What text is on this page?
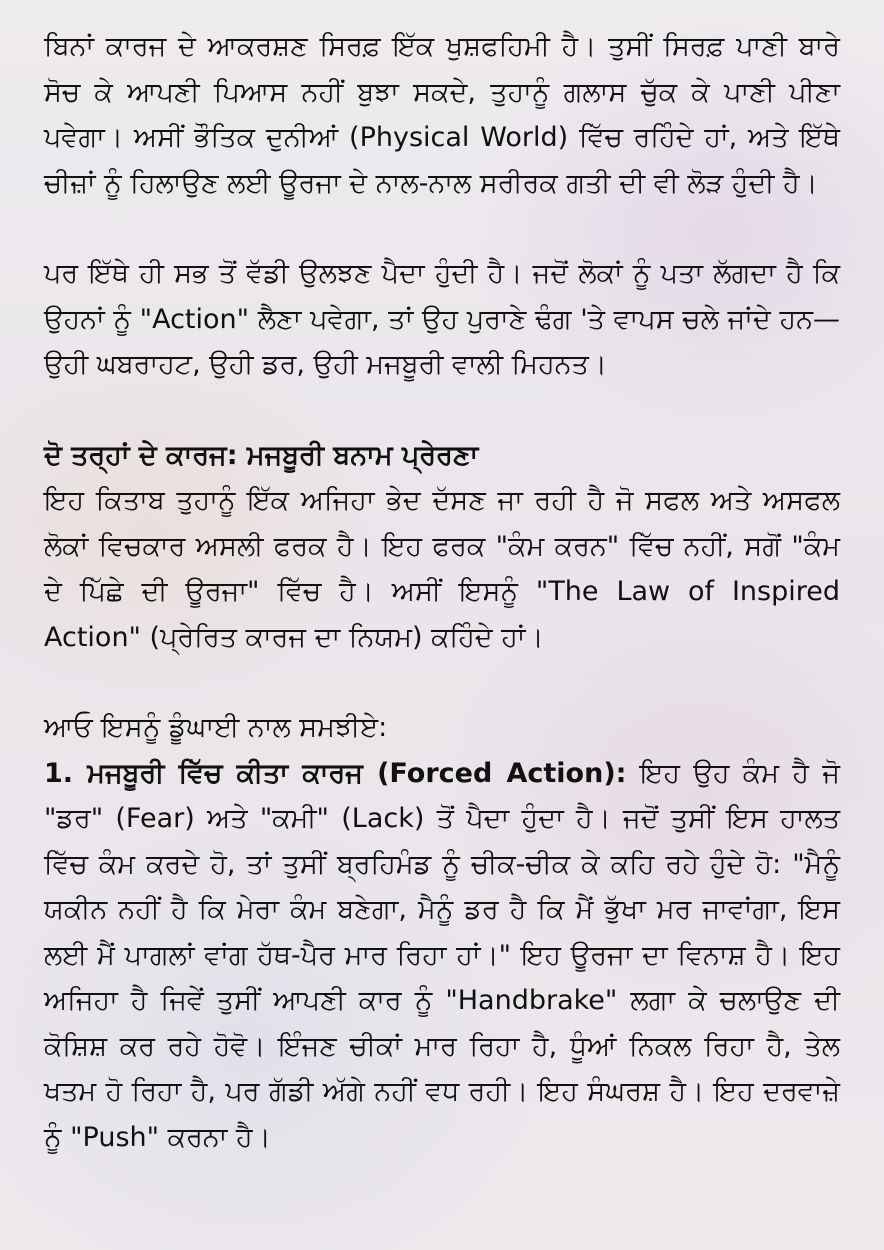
ਬਿਨਾਂ ਕਾਰਜ ਦੇ ਆਕਰਸ਼ਣ ਸਿਰਫ਼ ਇੱਕ ਖੁਸ਼ਫਹਿਮੀ ਹੈ। ਤੁਸੀਂ ਸਿਰਫ਼ ਪਾਣੀ ਬਾਰੇ ਸੋਚ ਕੇ ਆਪਣੀ ਪਿਆਸ ਨਹੀਂ ਬੁਝਾ ਸਕਦੇ, ਤੁਹਾਨੂੰ ਗਲਾਸ ਚੁੱਕ ਕੇ ਪਾਣੀ ਪੀਣਾ ਪਵੇਗਾ। ਅਸੀਂ ਭੌਤਿਕ ਦੁਨੀਆਂ (Physical World) ਵਿੱਚ ਰਹਿੰਦੇ ਹਾਂ, ਅਤੇ ਇੱਥੇ ਚੀਜ਼ਾਂ ਨੂੰ ਹਿਲਾਉਣ ਲਈ ਊਰਜਾ ਦੇ ਨਾਲ-ਨਾਲ ਸਰੀਰਕ ਗਤੀ ਦੀ ਵੀ ਲੋੜ ਹੁੰਦੀ ਹੈ।

ਪਰ ਇੱਥੇ ਹੀ ਸਭ ਤੋਂ ਵੱਡੀ ਉਲਝਣ ਪੈਦਾ ਹੁੰਦੀ ਹੈ। ਜਦੋਂ ਲੋਕਾਂ ਨੂੰ ਪਤਾ ਲੱਗਦਾ ਹੈ ਕਿ ਉਹਨਾਂ ਨੂੰ "Action" ਲੈਣਾ ਪਵੇਗਾ, ਤਾਂ ਉਹ ਪੁਰਾਣੇ ਢੰਗ 'ਤੇ ਵਾਪਸ ਚਲੇ ਜਾਂਦੇ ਹਨ—ਉਹੀ ਘਬਰਾਹਟ, ਉਹੀ ਡਰ, ਉਹੀ ਮਜਬੂਰੀ ਵਾਲੀ ਮਿਹਨਤ।

ਦੋ ਤਰ੍ਹਾਂ ਦੇ ਕਾਰਜ: ਮਜਬੂਰੀ ਬਨਾਮ ਪ੍ਰੇਰਣਾ

ਇਹ ਕਿਤਾਬ ਤੁਹਾਨੂੰ ਇੱਕ ਅਜਿਹਾ ਭੇਦ ਦੱਸਣ ਜਾ ਰਹੀ ਹੈ ਜੋ ਸਫਲ ਅਤੇ ਅਸਫਲ ਲੋਕਾਂ ਵਿਚਕਾਰ ਅਸਲੀ ਫਰਕ ਹੈ। ਇਹ ਫਰਕ "ਕੰਮ ਕਰਨ" ਵਿੱਚ ਨਹੀਂ, ਸਗੋਂ "ਕੰਮ ਦੇ ਪਿੱਛੇ ਦੀ ਊਰਜਾ" ਵਿੱਚ ਹੈ। ਅਸੀਂ ਇਸਨੂੰ "The Law of Inspired Action" (ਪ੍ਰੇਰਿਤ ਕਾਰਜ ਦਾ ਨਿਯਮ) ਕਹਿੰਦੇ ਹਾਂ।

ਆਓ ਇਸਨੂੰ ਡੂੰਘਾਈ ਨਾਲ ਸਮਝੀਏ:

1. ਮਜਬੂਰੀ ਵਿੱਚ ਕੀਤਾ ਕਾਰਜ (Forced Action): ਇਹ ਉਹ ਕੰਮ ਹੈ ਜੋ "ਡਰ" (Fear) ਅਤੇ "ਕਮੀ" (Lack) ਤੋਂ ਪੈਦਾ ਹੁੰਦਾ ਹੈ। ਜਦੋਂ ਤੁਸੀਂ ਇਸ ਹਾਲਤ ਵਿੱਚ ਕੰਮ ਕਰਦੇ ਹੋ, ਤਾਂ ਤੁਸੀਂ ਬ੍ਰਹਿਮੰਡ ਨੂੰ ਚੀਕ-ਚੀਕ ਕੇ ਕਹਿ ਰਹੇ ਹੁੰਦੇ ਹੋ: "ਮੈਨੂੰ ਯਕੀਨ ਨਹੀਂ ਹੈ ਕਿ ਮੇਰਾ ਕੰਮ ਬਣੇਗਾ, ਮੈਨੂੰ ਡਰ ਹੈ ਕਿ ਮੈਂ ਭੁੱਖਾ ਮਰ ਜਾਵਾਂਗਾ, ਇਸ ਲਈ ਮੈਂ ਪਾਗਲਾਂ ਵਾਂਗ ਹੱਥ-ਪੈਰ ਮਾਰ ਰਿਹਾ ਹਾਂ।" ਇਹ ਊਰਜਾ ਦਾ ਵਿਨਾਸ਼ ਹੈ। ਇਹ ਅਜਿਹਾ ਹੈ ਜਿਵੇਂ ਤੁਸੀਂ ਆਪਣੀ ਕਾਰ ਨੂੰ "Handbrake" ਲਗਾ ਕੇ ਚਲਾਉਣ ਦੀ ਕੋਸ਼ਿਸ਼ ਕਰ ਰਹੇ ਹੋਵੋ। ਇੰਜਣ ਚੀਕਾਂ ਮਾਰ ਰਿਹਾ ਹੈ, ਧੂੰਆਂ ਨਿਕਲ ਰਿਹਾ ਹੈ, ਤੇਲ ਖਤਮ ਹੋ ਰਿਹਾ ਹੈ, ਪਰ ਗੱਡੀ ਅੱਗੇ ਨਹੀਂ ਵਧ ਰਹੀ। ਇਹ ਸੰਘਰਸ਼ ਹੈ। ਇਹ ਦਰਵਾਜ਼ੇ ਨੂੰ "Push" ਕਰਨਾ ਹੈ।
